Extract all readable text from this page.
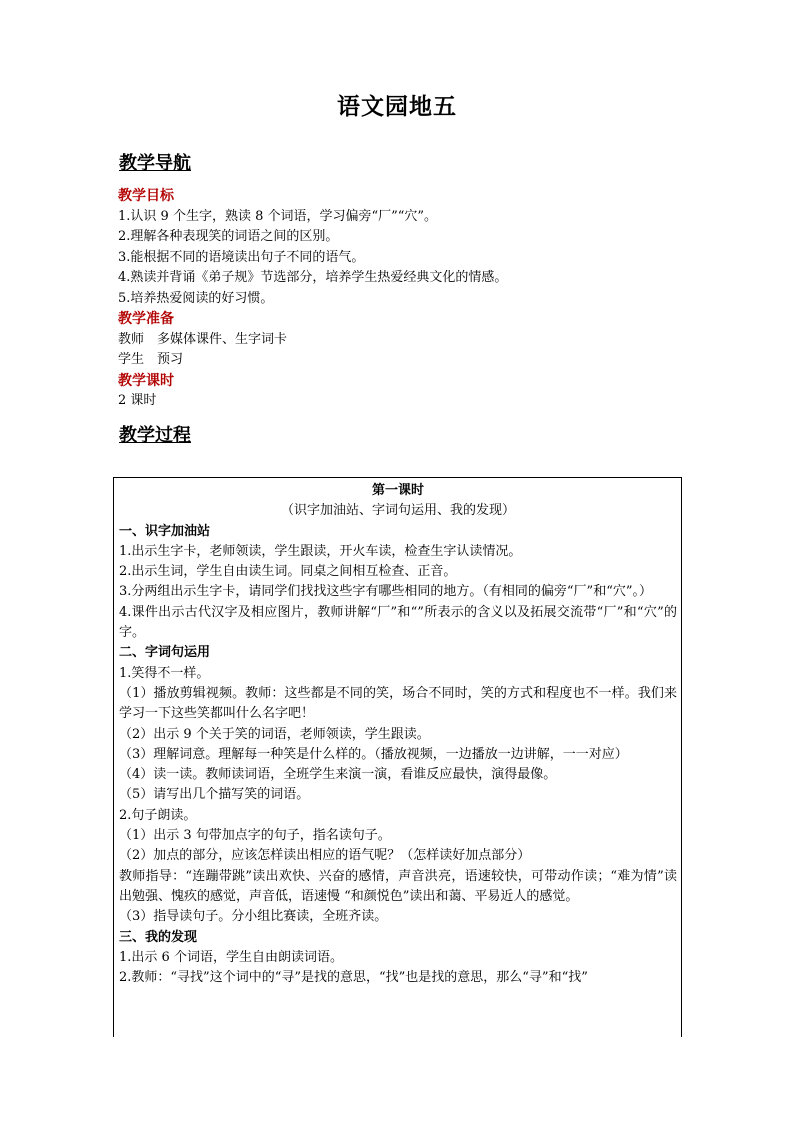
语文园地五
教学导航
教学目标
1.认识 9 个生字，熟读 8 个词语，学习偏旁“厂”“穴”。
2.理解各种表现笑的词语之间的区别。
3.能根据不同的语境读出句子不同的语气。
4.熟读并背诵《弟子规》节选部分，培养学生热爱经典文化的情感。
5.培养热爱阅读的好习惯。
教学准备
教师　多媒体课件、生字词卡
学生　预习
教学课时
2 课时
教学过程
第一课时
（识字加油站、字词句运用、我的发现）
一、识字加油站
1.出示生字卡，老师领读，学生跟读，开火车读，检查生字认读情况。
2.出示生词，学生自由读生词。同桌之间相互检查、正音。
3.分两组出示生字卡，请同学们找找这些字有哪些相同的地方。（有相同的偏旁“厂”和“穴”。）
4.课件出示古代汉字及相应图片，教师讲解“厂”和“”所表示的含义以及拓展交流带“厂”和“穴”的字。
二、字词句运用
1.笑得不一样。
（1）播放剪辑视频。教师：这些都是不同的笑，场合不同时，笑的方式和程度也不一样。我们来学习一下这些笑都叫什么名字吧！
（2）出示 9 个关于笑的词语，老师领读，学生跟读。
（3）理解词意。理解每一种笑是什么样的。（播放视频，一边播放一边讲解，一一对应）
（4）读一读。教师读词语，全班学生来演一演，看谁反应最快，演得最像。
（5）请写出几个描写笑的词语。
2.句子朗读。
（1）出示 3 句带加点字的句子，指名读句子。
（2）加点的部分，应该怎样读出相应的语气呢？（怎样读好加点部分）
教师指导：“连蹦带跳”读出欢快、兴奋的感情，声音洪亮，语速较快，可带动作读；“难为情”读出勉强、愧疚的感觉，声音低，语速慢 “和颜悦色”读出和蔼、平易近人的感觉。
（3）指导读句子。分小组比赛读，全班齐读。
三、我的发现
1.出示 6 个词语，学生自由朗读词语。
2.教师：“寻找”这个词中的“寻”是找的意思，“找”也是找的意思，那么“寻”和“找”
